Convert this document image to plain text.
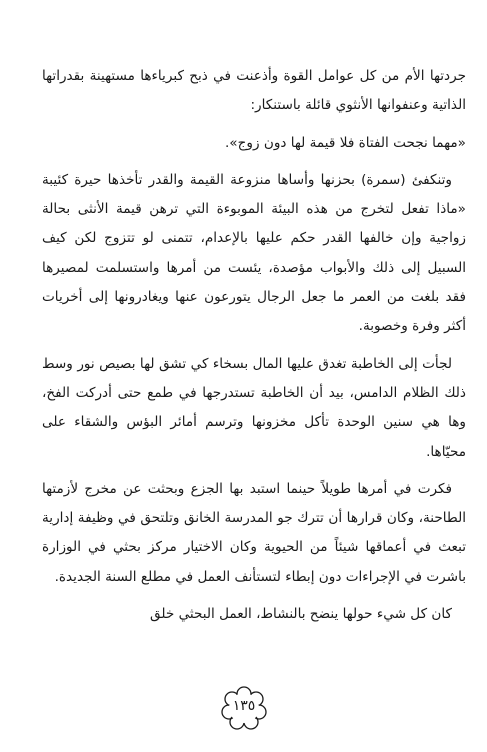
جردتها الأم من كل عوامل القوة وأذعنت في ذبح كبرياءها مستهينة بقدراتها الذاتية وعنفوانها الأنثوي قائلة باستنكار:

«مهما نجحت الفتاة فلا قيمة لها دون زوج».

وتنكفئ (سمرة) بحزنها وأساها منزوعة القيمة والقدر تأخذها حيرة كئيبة «ماذا تفعل لتخرج من هذه البيئة الموبوءة التي ترهن قيمة الأنثى بحالة زواجية وإن خالفها القدر حكم عليها بالإعدام، تتمنى لو تتزوج لكن كيف السبيل إلى ذلك والأبواب مؤصدة، يئست من أمرها واستسلمت لمصيرها فقد بلغت من العمر ما جعل الرجال يتورعون عنها ويغادرونها إلى أخريات أكثر وفرة وخصوبة.

لجأت إلى الخاطبة تغدق عليها المال بسخاء كي تشق لها بصيص نور وسط ذلك الظلام الدامس، بيد أن الخاطبة تستدرجها في طمع حتى أدركت الفخ، وها هي سنين الوحدة تأكل مخزونها وترسم أمائر البؤس والشقاء على محيّاها.

فكرت في أمرها طويلاً حينما استبد بها الجزع وبحثت عن مخرج لأزمتها الطاحنة، وكان قرارها أن تترك جو المدرسة الخانق وتلتحق في وظيفة إدارية تبعث في أعماقها شيئاً من الحيوية وكان الاختيار مركز بحثي في الوزارة باشرت في الإجراءات دون إبطاء لتستأنف العمل في مطلع السنة الجديدة.

كان كل شيء حولها ينضح بالنشاط، العمل البحثي خلق

١٣٥
